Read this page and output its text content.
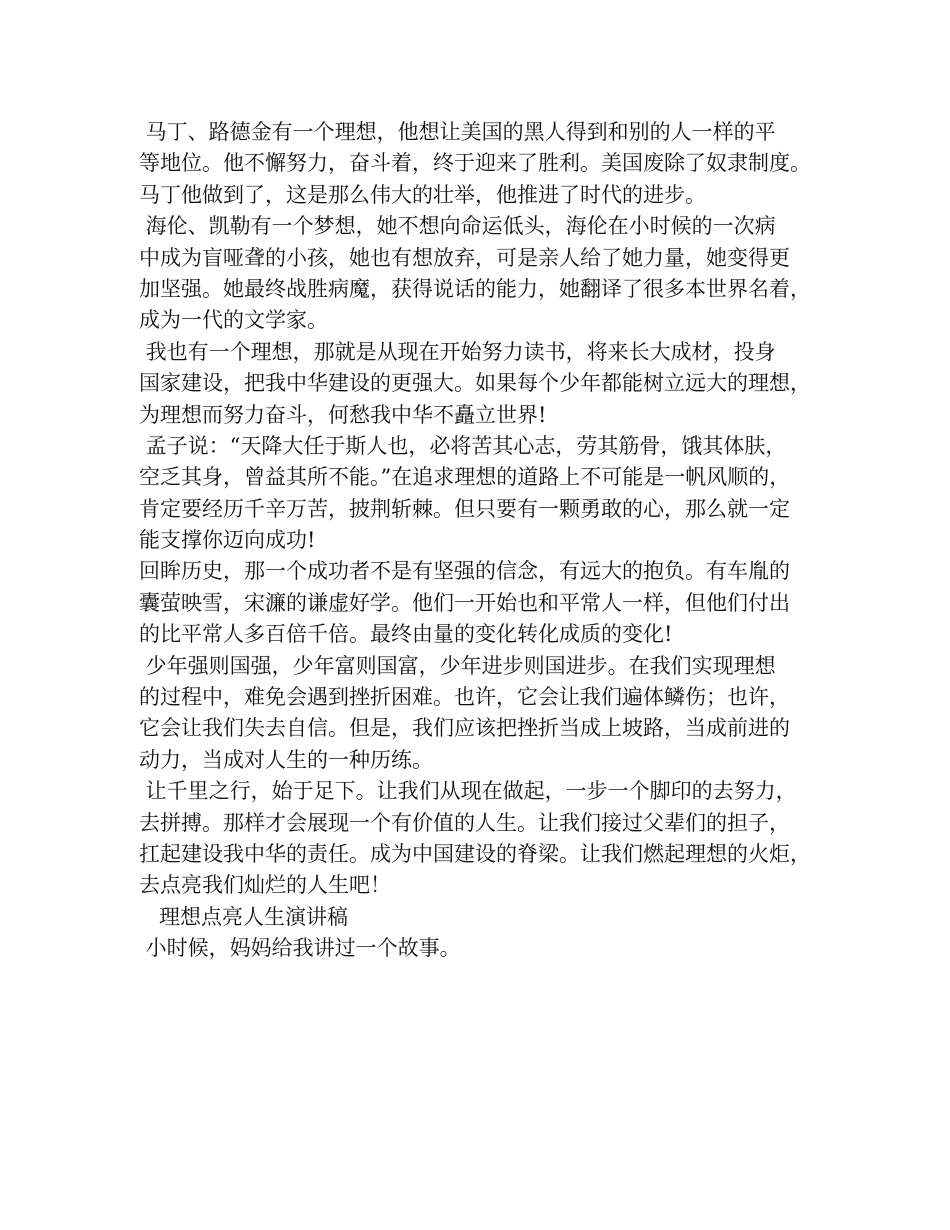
马丁、路德金有一个理想，他想让美国的黑人得到和别的人一样的平
等地位。他不懈努力，奋斗着，终于迎来了胜利。美国废除了奴隶制度。
马丁他做到了，这是那么伟大的壮举，他推进了时代的进步。
海伦、凯勒有一个梦想，她不想向命运低头，海伦在小时候的一次病
中成为盲哑聋的小孩，她也有想放弃，可是亲人给了她力量，她变得更
加坚强。她最终战胜病魔，获得说话的能力，她翻译了很多本世界名着，
成为一代的文学家。
我也有一个理想，那就是从现在开始努力读书，将来长大成材，投身
国家建设，把我中华建设的更强大。如果每个少年都能树立远大的理想，
为理想而努力奋斗，何愁我中华不矗立世界!
孟子说：“天降大任于斯人也，必将苦其心志，劳其筋骨，饿其体肤，
空乏其身，曾益其所不能。”在追求理想的道路上不可能是一帆风顺的，
肯定要经历千辛万苦，披荆斩棘。但只要有一颗勇敢的心，那么就一定
能支撑你迈向成功!
回眸历史，那一个成功者不是有坚强的信念，有远大的抱负。有车胤的
囊萤映雪，宋濂的谦虚好学。他们一开始也和平常人一样，但他们付出
的比平常人多百倍千倍。最终由量的变化转化成质的变化!
少年强则国强，少年富则国富，少年进步则国进步。在我们实现理想
的过程中，难免会遇到挫折困难。也许，它会让我们遍体鳞伤；也许，
它会让我们失去自信。但是，我们应该把挫折当成上坡路，当成前进的
动力，当成对人生的一种历练。
让千里之行，始于足下。让我们从现在做起，一步一个脚印的去努力，
去拼搏。那样才会展现一个有价值的人生。让我们接过父辈们的担子，
扛起建设我中华的责任。成为中国建设的脊梁。让我们燃起理想的火炬，
去点亮我们灿烂的人生吧！
理想点亮人生演讲稿
小时候，妈妈给我讲过一个故事。
